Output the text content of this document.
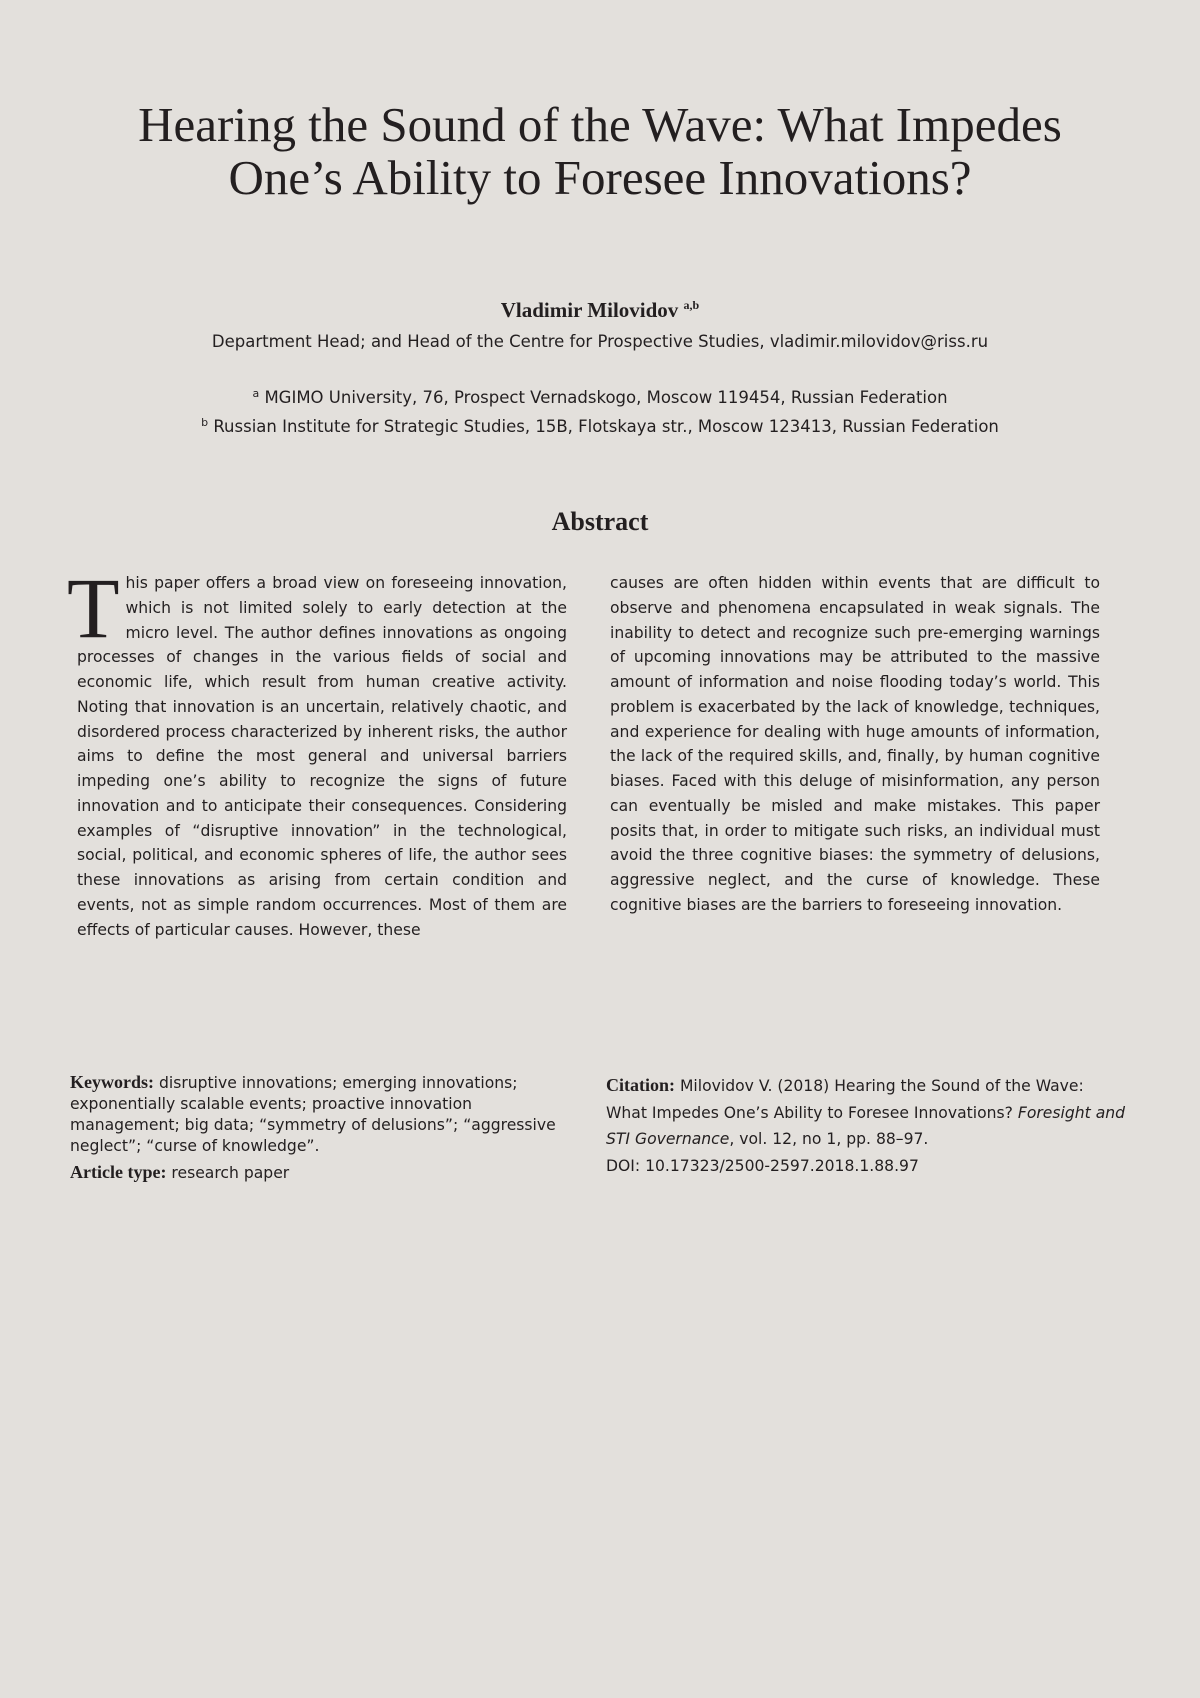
Hearing the Sound of the Wave: What Impedes One’s Ability to Foresee Innovations?
Vladimir Milovidov $^{a,b}$
Department Head; and Head of the Centre for Prospective Studies, vladimir.milovidov@riss.ru
$^a$ MGIMO University, 76, Prospect Vernadskogo, Moscow 119454, Russian Federation
$^b$ Russian Institute for Strategic Studies, 15B, Flotskaya str., Moscow 123413, Russian Federation
Abstract

This paper offers a broad view on foreseeing innovation, which is not limited solely to early detection at the micro level. The author defines innovations as ongoing processes of changes in the various fields of social and economic life, which result from human creative activity. Noting that innovation is an uncertain, relatively chaotic, and disordered process characterized by inherent risks, the author aims to define the most general and universal barriers impeding one’s ability to recognize the signs of future innovation and to anticipate their consequences. Considering examples of “disruptive innovation” in the technological, social, political, and economic spheres of life, the author sees these innovations as arising from certain condition and events, not as simple random occurrences. Most of them are effects of particular causes. However, these

causes are often hidden within events that are difficult to observe and phenomena encapsulated in weak signals. The inability to detect and recognize such pre-emerging warnings of upcoming innovations may be attributed to the massive amount of information and noise flooding today’s world. This problem is exacerbated by the lack of knowledge, techniques, and experience for dealing with huge amounts of information, the lack of the required skills, and, finally, by human cognitive biases. Faced with this deluge of misinformation, any person can eventually be misled and make mistakes. This paper posits that, in order to mitigate such risks, an individual must avoid the three cognitive biases: the symmetry of delusions, aggressive neglect, and the curse of knowledge. These cognitive biases are the barriers to foreseeing innovation.

Keywords: disruptive innovations; emerging innovations; exponentially scalable events; proactive innovation management; big data; “symmetry of delusions”; “aggressive neglect”; “curse of knowledge”.
Article type: research paper
Citation: Milovidov V. (2018) Hearing the Sound of the Wave: What Impedes One’s Ability to Foresee Innovations? Foresight and STI Governance, vol. 12, no 1, pp. 88–97.
DOI: 10.17323/2500-2597.2018.1.88.97
